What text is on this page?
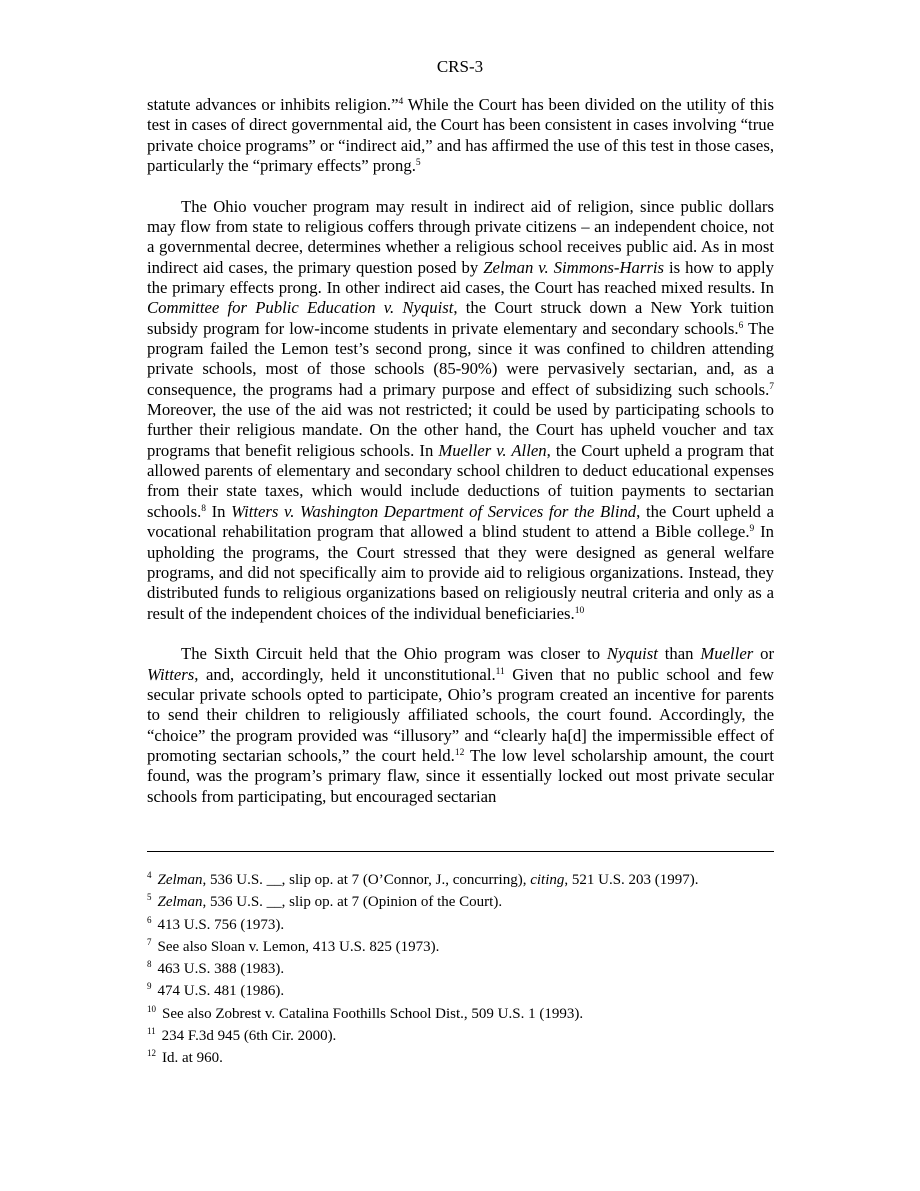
CRS-3

statute advances or inhibits religion.”$^4$ While the Court has been divided on the utility of this test in cases of direct governmental aid, the Court has been consistent in cases involving “true private choice programs” or “indirect aid,” and has affirmed the use of this test in those cases, particularly the “primary effects” prong.$^5$

The Ohio voucher program may result in indirect aid of religion, since public dollars may flow from state to religious coffers through private citizens – an independent choice, not a governmental decree, determines whether a religious school receives public aid. As in most indirect aid cases, the primary question posed by Zelman v. Simmons-Harris is how to apply the primary effects prong. In other indirect aid cases, the Court has reached mixed results. In Committee for Public Education v. Nyquist, the Court struck down a New York tuition subsidy program for low-income students in private elementary and secondary schools.$^6$ The program failed the Lemon test’s second prong, since it was confined to children attending private schools, most of those schools (85-90%) were pervasively sectarian, and, as a consequence, the programs had a primary purpose and effect of subsidizing such schools.$^7$ Moreover, the use of the aid was not restricted; it could be used by participating schools to further their religious mandate. On the other hand, the Court has upheld voucher and tax programs that benefit religious schools. In Mueller v. Allen, the Court upheld a program that allowed parents of elementary and secondary school children to deduct educational expenses from their state taxes, which would include deductions of tuition payments to sectarian schools.$^8$ In Witters v. Washington Department of Services for the Blind, the Court upheld a vocational rehabilitation program that allowed a blind student to attend a Bible college.$^9$ In upholding the programs, the Court stressed that they were designed as general welfare programs, and did not specifically aim to provide aid to religious organizations. Instead, they distributed funds to religious organizations based on religiously neutral criteria and only as a result of the independent choices of the individual beneficiaries.$^{10}$

The Sixth Circuit held that the Ohio program was closer to Nyquist than Mueller or Witters, and, accordingly, held it unconstitutional.$^{11}$ Given that no public school and few secular private schools opted to participate, Ohio’s program created an incentive for parents to send their children to religiously affiliated schools, the court found. Accordingly, the “choice” the program provided was “illusory” and “clearly ha[d] the impermissible effect of promoting sectarian schools,” the court held.$^{12}$ The low level scholarship amount, the court found, was the program’s primary flaw, since it essentially locked out most private secular schools from participating, but encouraged sectarian

$^4$ Zelman, 536 U.S. __, slip op. at 7 (O’Connor, J., concurring), citing, 521 U.S. 203 (1997).
$^5$ Zelman, 536 U.S. __, slip op. at 7 (Opinion of the Court).
$^6$ 413 U.S. 756 (1973).
$^7$ See also Sloan v. Lemon, 413 U.S. 825 (1973).
$^8$ 463 U.S. 388 (1983).
$^9$ 474 U.S. 481 (1986).
$^{10}$ See also Zobrest v. Catalina Foothills School Dist., 509 U.S. 1 (1993).
$^{11}$ 234 F.3d 945 (6th Cir. 2000).
$^{12}$ Id. at 960.
